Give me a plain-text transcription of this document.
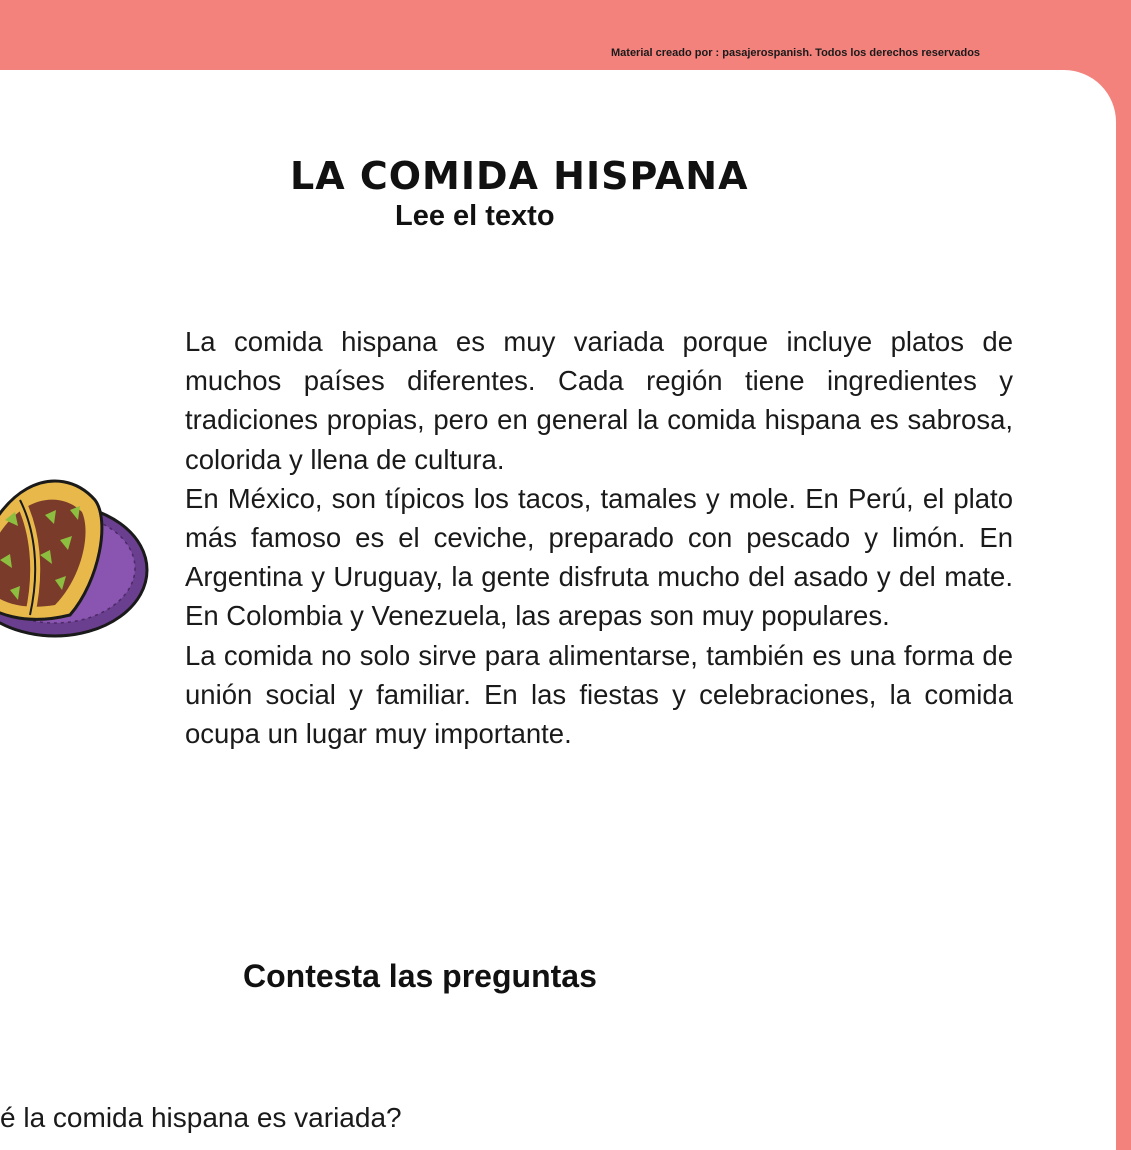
Material creado por : pasajerospanish. Todos los derechos reservados
LA COMIDA HISPANA
Lee el texto

La comida hispana es muy variada porque incluye platos de muchos países diferentes. Cada región tiene ingredientes y tradiciones propias, pero en general la comida hispana es sabrosa, colorida y llena de cultura.

En México, son típicos los tacos, tamales y mole. En Perú, el plato más famoso es el ceviche, preparado con pescado y limón. En Argentina y Uruguay, la gente disfruta mucho del asado y del mate. En Colombia y Venezuela, las arepas son muy populares.

La comida no solo sirve para alimentarse, también es una forma de unión social y familiar. En las fiestas y celebraciones, la comida ocupa un lugar muy importante.

Contesta las preguntas
é la comida hispana es variada?
